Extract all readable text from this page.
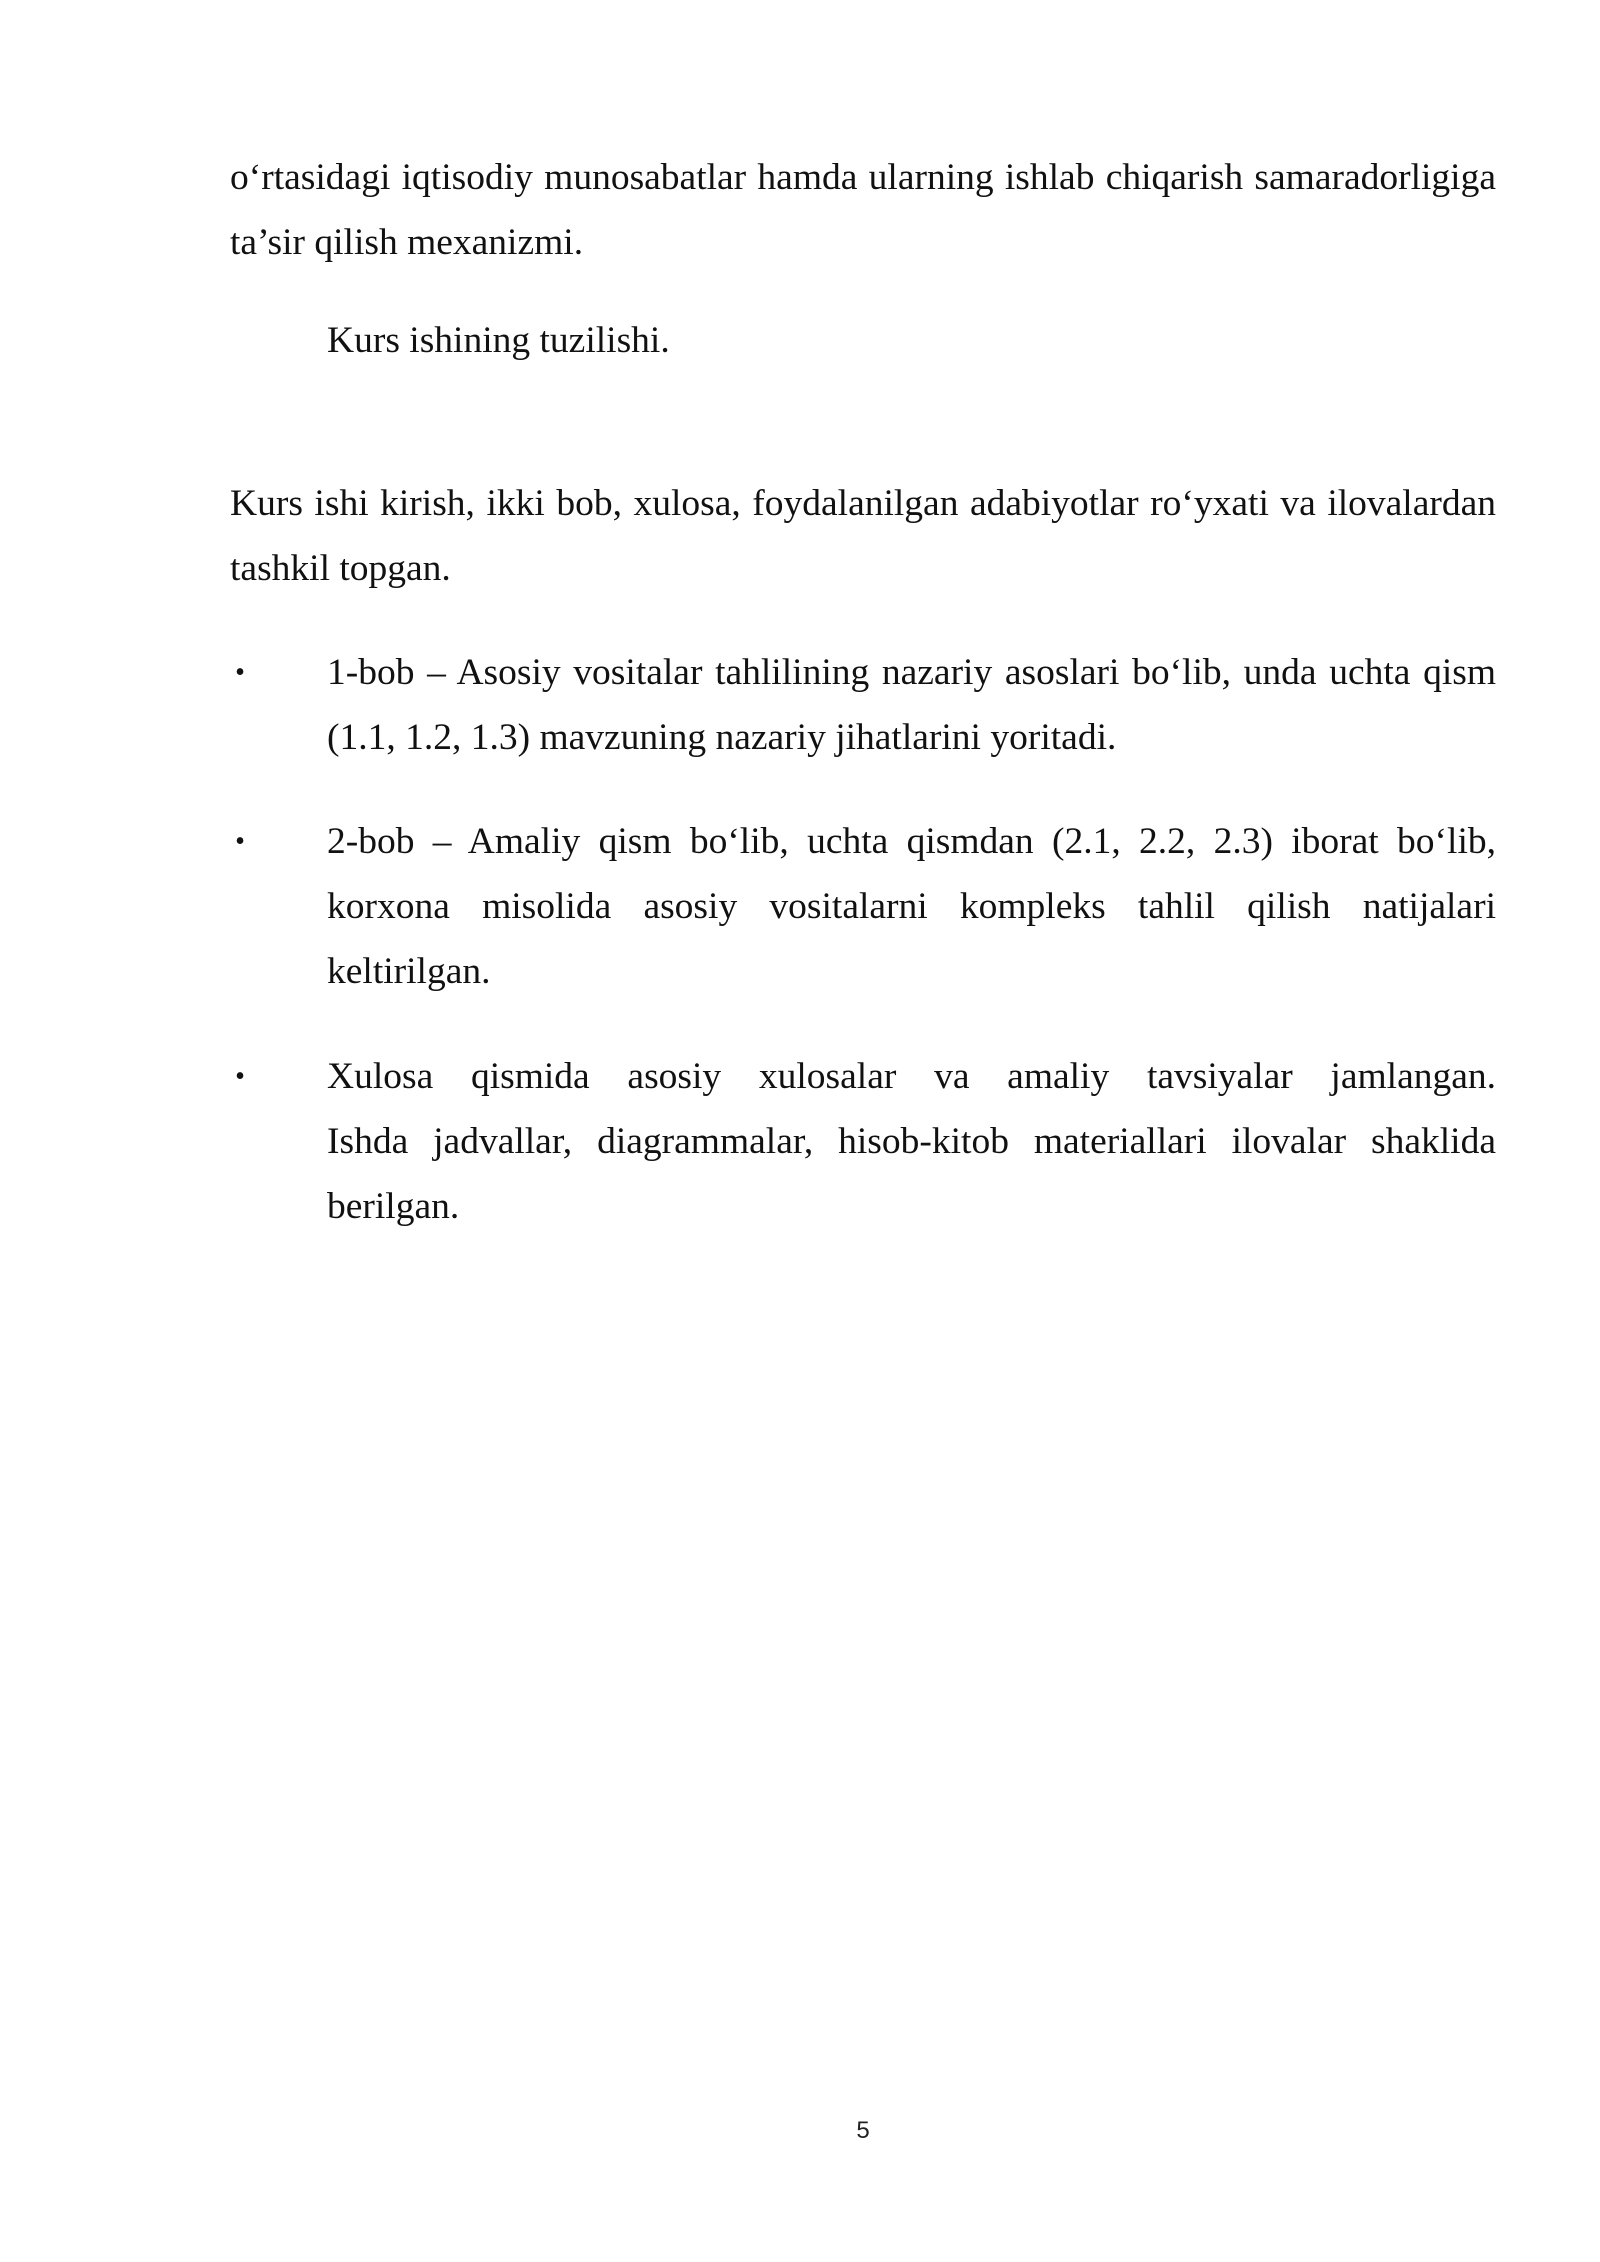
o‘rtasidagi iqtisodiy munosabatlar hamda ularning ishlab chiqarish samaradorligiga
ta’sir qilish mexanizmi.
Kurs ishining tuzilishi.
Kurs ishi kirish, ikki bob, xulosa, foydalanilgan adabiyotlar ro‘yxati va ilovalardan
tashkil topgan.
• 1-bob – Asosiy vositalar tahlilining nazariy asoslari bo‘lib, unda uchta qism
(1.1, 1.2, 1.3) mavzuning nazariy jihatlarini yoritadi.
• 2-bob – Amaliy qism bo‘lib, uchta qismdan (2.1, 2.2, 2.3) iborat bo‘lib,
korxona misolida asosiy vositalarni kompleks tahlil qilish natijalari
keltirilgan.
• Xulosa qismida asosiy xulosalar va amaliy tavsiyalar jamlangan.
Ishda jadvallar, diagrammalar, hisob-kitob materiallari ilovalar shaklida
berilgan.
5
